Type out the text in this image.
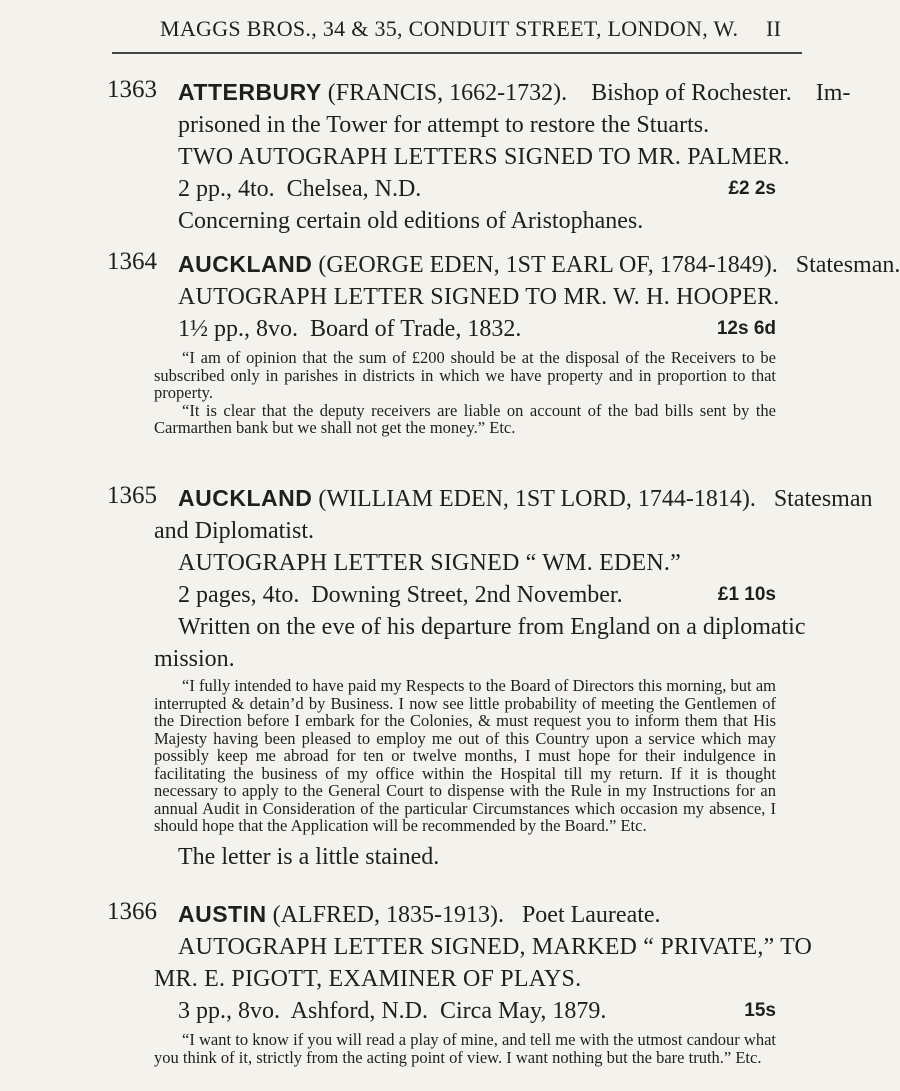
MAGGS BROS., 34 & 35, CONDUIT STREET, LONDON, W. II
1363 ATTERBURY (FRANCIS, 1662-1732).    Bishop of Rochester.    Im-
prisoned in the Tower for attempt to restore the Stuarts.
TWO AUTOGRAPH LETTERS SIGNED TO MR. PALMER.
2 pp., 4to.  Chelsea, N.D.	£2 2s
Concerning certain old editions of Aristophanes.
1364 AUCKLAND (GEORGE EDEN, 1ST EARL OF, 1784-1849).   Statesman.
AUTOGRAPH LETTER SIGNED TO MR. W. H. HOOPER.
1½ pp., 8vo.  Board of Trade, 1832.	12s 6d

“I am of opinion that the sum of £200 should be at the disposal of the Receivers to be subscribed only in parishes in districts in which we have property and in proportion to that property.

“It is clear that the deputy receivers are liable on account of the bad bills sent by the Carmarthen bank but we shall not get the money.” Etc.

1365 AUCKLAND (WILLIAM EDEN, 1ST LORD, 1744-1814).   Statesman
and Diplomatist.
AUTOGRAPH LETTER SIGNED “ WM. EDEN.”
2 pages, 4to.  Downing Street, 2nd November.	£1 10s
Written on the eve of his departure from England on a diplomatic
mission.

“I fully intended to have paid my Respects to the Board of Directors this morning, but am interrupted & detain’d by Business. I now see little probability of meeting the Gentlemen of the Direction before I embark for the Colonies, & must request you to inform them that His Majesty having been pleased to employ me out of this Country upon a service which may possibly keep me abroad for ten or twelve months, I must hope for their indulgence in facilitating the business of my office within the Hospital till my return. If it is thought necessary to apply to the General Court to dispense with the Rule in my Instructions for an annual Audit in Consideration of the particular Circumstances which occasion my absence, I should hope that the Application will be recommended by the Board.” Etc.

The letter is a little stained.
1366 AUSTIN (ALFRED, 1835-1913).   Poet Laureate.
AUTOGRAPH LETTER SIGNED, MARKED “ PRIVATE,” TO
MR. E. PIGOTT, EXAMINER OF PLAYS.
3 pp., 8vo.  Ashford, N.D.  Circa May, 1879.	15s

“I want to know if you will read a play of mine, and tell me with the utmost candour what you think of it, strictly from the acting point of view. I want nothing but the bare truth.” Etc.
